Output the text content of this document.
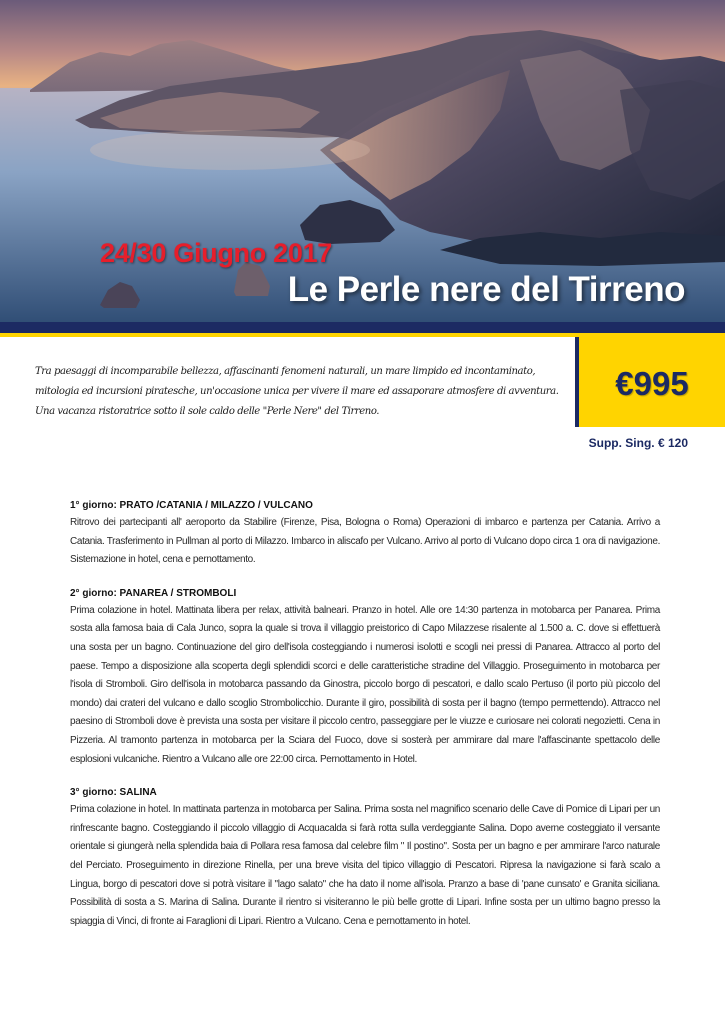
24/30 Giugno 2017
Le Perle nere del Tirreno

Tra paesaggi di incomparabile bellezza, affascinanti fenomeni naturali, un mare limpido ed incontaminato,
mitologia ed incursioni piratesche, un'occasione unica per vivere il mare ed assaporare atmosfere di avventura.
Una vacanza ristoratrice sotto il sole caldo delle "Perle Nere" del Tirreno.

€995
Supp. Sing. € 120

1° giorno: PRATO /CATANIA / MILAZZO / VULCANO

Ritrovo dei partecipanti all' aeroporto da Stabilire (Firenze, Pisa, Bologna o Roma) Operazioni di imbarco e partenza per Catania. Arrivo a Catania. Trasferimento in Pullman al porto di Milazzo. Imbarco in aliscafo per Vulcano. Arrivo al porto di Vulcano dopo circa 1 ora di navigazione. Sistemazione in hotel, cena e pernottamento.

2° giorno: PANAREA / STROMBOLI

Prima colazione in hotel. Mattinata libera per relax, attività balneari. Pranzo in hotel. Alle ore 14:30 partenza in motobarca per Panarea. Prima sosta alla famosa baia di Cala Junco, sopra la quale si trova il villaggio preistorico di Capo Milazzese risalente al 1.500 a. C. dove si effettuerà una sosta per un bagno. Continuazione del giro dell'isola costeggiando i numerosi isolotti e scogli nei pressi di Panarea. Attracco al porto del paese. Tempo a disposizione alla scoperta degli splendidi scorci e delle caratteristiche stradine del Villaggio. Proseguimento in motobarca per l'isola di Stromboli. Giro dell'isola in motobarca passando da Ginostra, piccolo borgo di pescatori, e dallo scalo Pertuso (il porto più piccolo del mondo) dai crateri del vulcano e dallo scoglio Strombolicchio. Durante il giro, possibilità di sosta per il bagno (tempo permettendo). Attracco nel paesino di Stromboli dove è prevista una sosta per visitare il piccolo centro, passeggiare per le viuzze e curiosare nei colorati negozietti. Cena in Pizzeria. Al tramonto partenza in motobarca per la Sciara del Fuoco, dove si sosterà per ammirare dal mare l'affascinante spettacolo delle esplosioni vulcaniche. Rientro a Vulcano alle ore 22:00 circa. Pernottamento in Hotel.

3° giorno: SALINA

Prima colazione in hotel. In mattinata partenza in motobarca per Salina. Prima sosta nel magnifico scenario delle Cave di Pomice di Lipari per un rinfrescante bagno. Costeggiando il piccolo villaggio di Acquacalda si farà rotta sulla verdeggiante Salina. Dopo averne costeggiato il versante orientale si giungerà nella splendida baia di Pollara resa famosa dal celebre film " Il postino". Sosta per un bagno e per ammirare l'arco naturale del Perciato. Proseguimento in direzione Rinella, per una breve visita del tipico villaggio di Pescatori. Ripresa la navigazione si farà scalo a Lingua, borgo di pescatori dove si potrà visitare il "lago salato" che ha dato il nome all'isola. Pranzo a base di 'pane cunsato' e Granita siciliana. Possibilità di sosta a S. Marina di Salina. Durante il rientro si visiteranno le più belle grotte di Lipari. Infine sosta per un ultimo bagno presso la spiaggia di Vinci, di fronte ai Faraglioni di Lipari. Rientro a Vulcano. Cena e pernottamento in hotel.
